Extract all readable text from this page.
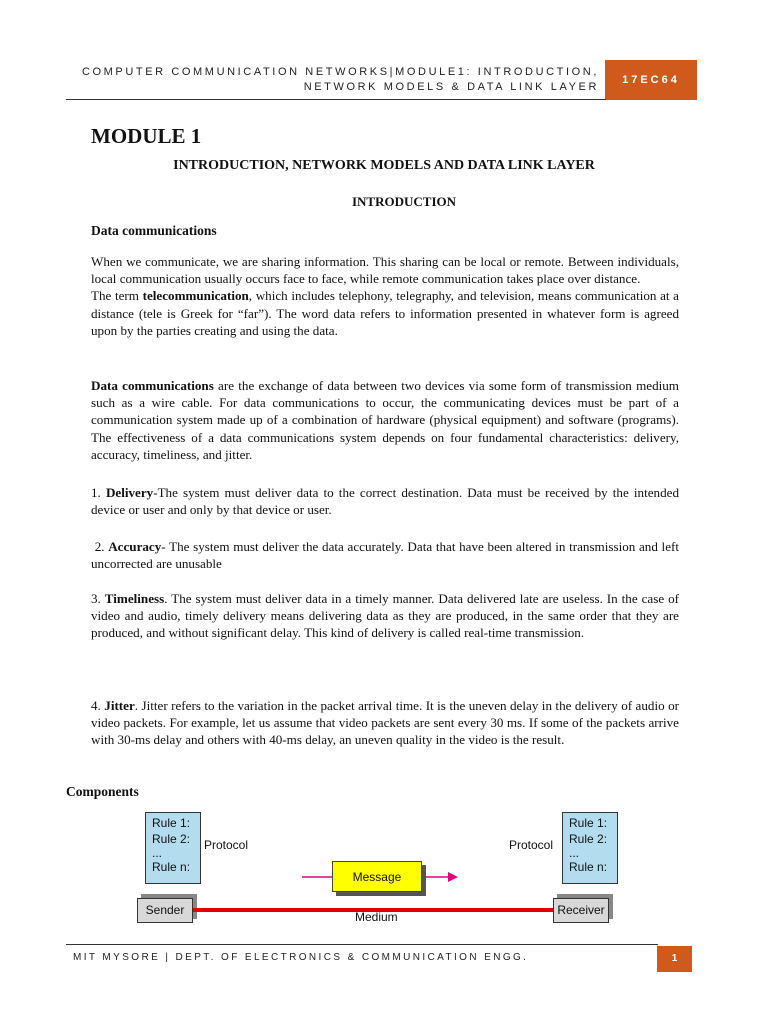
COMPUTER COMMUNICATION NETWORKS|MODULE1: INTRODUCTION,
NETWORK MODELS & DATA LINK LAYER
17EC64
MODULE 1
INTRODUCTION, NETWORK MODELS AND DATA LINK LAYER
INTRODUCTION
Data communications
When we communicate, we are sharing information. This sharing can be local or remote. Between individuals, local communication usually occurs face to face, while remote communication takes place over distance.
The term telecommunication, which includes telephony, telegraphy, and television, means communication at a distance (tele is Greek for “far”). The word data refers to information presented in whatever form is agreed upon by the parties creating and using the data.
Data communications are the exchange of data between two devices via some form of transmission medium such as a wire cable. For data communications to occur, the communicating devices must be part of a communication system made up of a combination of hardware (physical equipment) and software (programs). The effectiveness of a data communications system depends on four fundamental characteristics: delivery, accuracy, timeliness, and jitter.
1. Delivery-The system must deliver data to the correct destination. Data must be received by the intended device or user and only by that device or user.
2. Accuracy- The system must deliver the data accurately. Data that have been altered in transmission and left uncorrected are unusable
3. Timeliness. The system must deliver data in a timely manner. Data delivered late are useless. In the case of video and audio, timely delivery means delivering data as they are produced, in the same order that they are produced, and without significant delay. This kind of delivery is called real-time transmission.
4. Jitter. Jitter refers to the variation in the packet arrival time. It is the uneven delay in the delivery of audio or video packets. For example, let us assume that video packets are sent every 30 ms. If some of the packets arrive with 30-ms delay and others with 40-ms delay, an uneven quality in the video is the result.
Components
Rule 1:
Rule 2:
...
Rule n:
Protocol
Rule 1:
Rule 2:
...
Rule n:
Protocol
Message
Sender	Receiver
Medium
MIT MYSORE | DEPT. OF ELECTRONICS & COMMUNICATION ENGG.	1
